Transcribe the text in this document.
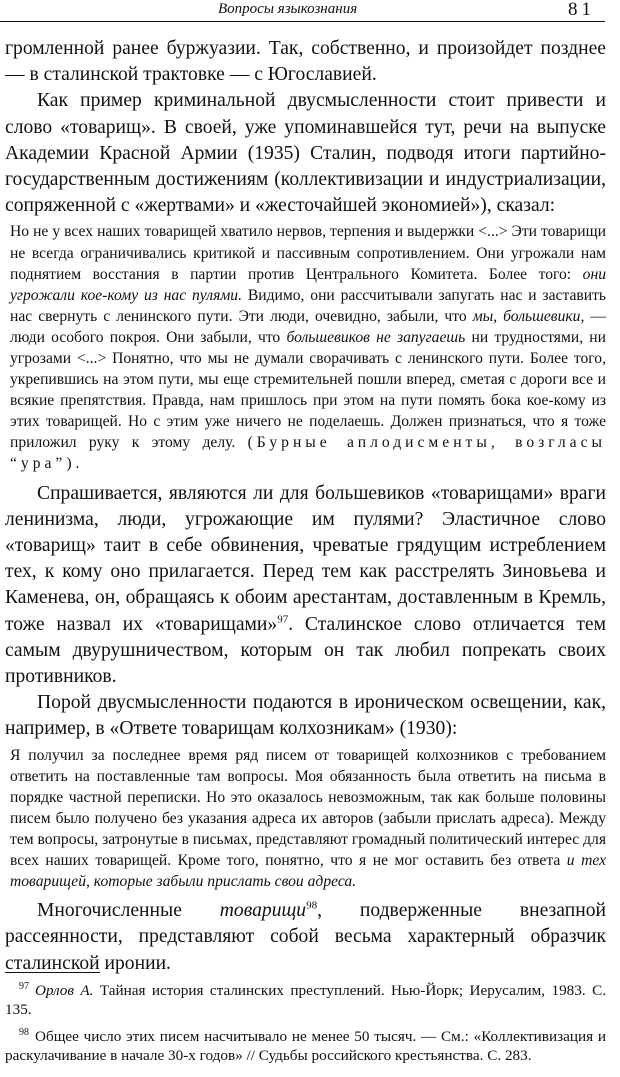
Вопросы языкознания	81

громленной ранее буржуазии. Так, собственно, и произойдет позднее — в сталинской трактовке — с Югославией.

Как пример криминальной двусмысленности стоит привести и слово «товарищ». В своей, уже упоминавшейся тут, речи на выпуске Академии Красной Армии (1935) Сталин, подводя итоги партийно-государственным достижениям (коллективизации и индустриализации, сопряженной с «жертвами» и «жесточайшей экономией»), сказал:

Но не у всех наших товарищей хватило нервов, терпения и выдержки <...> Эти товарищи не всегда ограничивались критикой и пассивным сопротивлением. Они угрожали нам поднятием восстания в партии против Центрального Комитета. Более того: они угрожали кое-кому из нас пулями. Видимо, они рассчитывали запугать нас и заставить нас свернуть с ленинского пути. Эти люди, очевидно, забыли, что мы, большевики, — люди особого покроя. Они забыли, что большевиков не запугаешь ни трудностями, ни угрозами <...> Понятно, что мы не думали сворачивать с ленинского пути. Более того, укрепившись на этом пути, мы еще стремительней пошли вперед, сметая с дороги все и всякие препятствия. Правда, нам пришлось при этом на пути помять бока кое-кому из этих товарищей. Но с этим уже ничего не поделаешь. Должен признаться, что я тоже приложил руку к этому делу. (Бурные аплодисменты, возгласы “ура”).

Спрашивается, являются ли для большевиков «товарищами» враги ленинизма, люди, угрожающие им пулями? Эластичное слово «товарищ» таит в себе обвинения, чреватые грядущим истреблением тех, к кому оно прилагается. Перед тем как расстрелять Зиновьева и Каменева, он, обращаясь к обоим арестантам, доставленным в Кремль, тоже назвал их «товарищами»$^{97}$. Сталинское слово отличается тем самым двурушничеством, которым он так любил попрекать своих противников.

Порой двусмысленности подаются в ироническом освещении, как, например, в «Ответе товарищам колхозникам» (1930):

Я получил за последнее время ряд писем от товарищей колхозников с требованием ответить на поставленные там вопросы. Моя обязанность была ответить на письма в порядке частной переписки. Но это оказалось невозможным, так как больше половины писем было получено без указания адреса их авторов (забыли прислать адреса). Между тем вопросы, затронутые в письмах, представляют громадный политический интерес для всех наших товарищей. Кроме того, понятно, что я не мог оставить без ответа и тех товарищей, которые забыли прислать свои адреса.

Многочисленные товарищи$^{98}$, подверженные внезапной рассеянности, представляют собой весьма характерный образчик сталинской иронии.

$^{97}$ Орлов А. Тайная история сталинских преступлений. Нью-Йорк; Иерусалим, 1983. С. 135.

$^{98}$ Общее число этих писем насчитывало не менее 50 тысяч. — См.: «Коллективизация и раскулачивание в начале 30-х годов» // Судьбы российского крестьянства. С. 283.
